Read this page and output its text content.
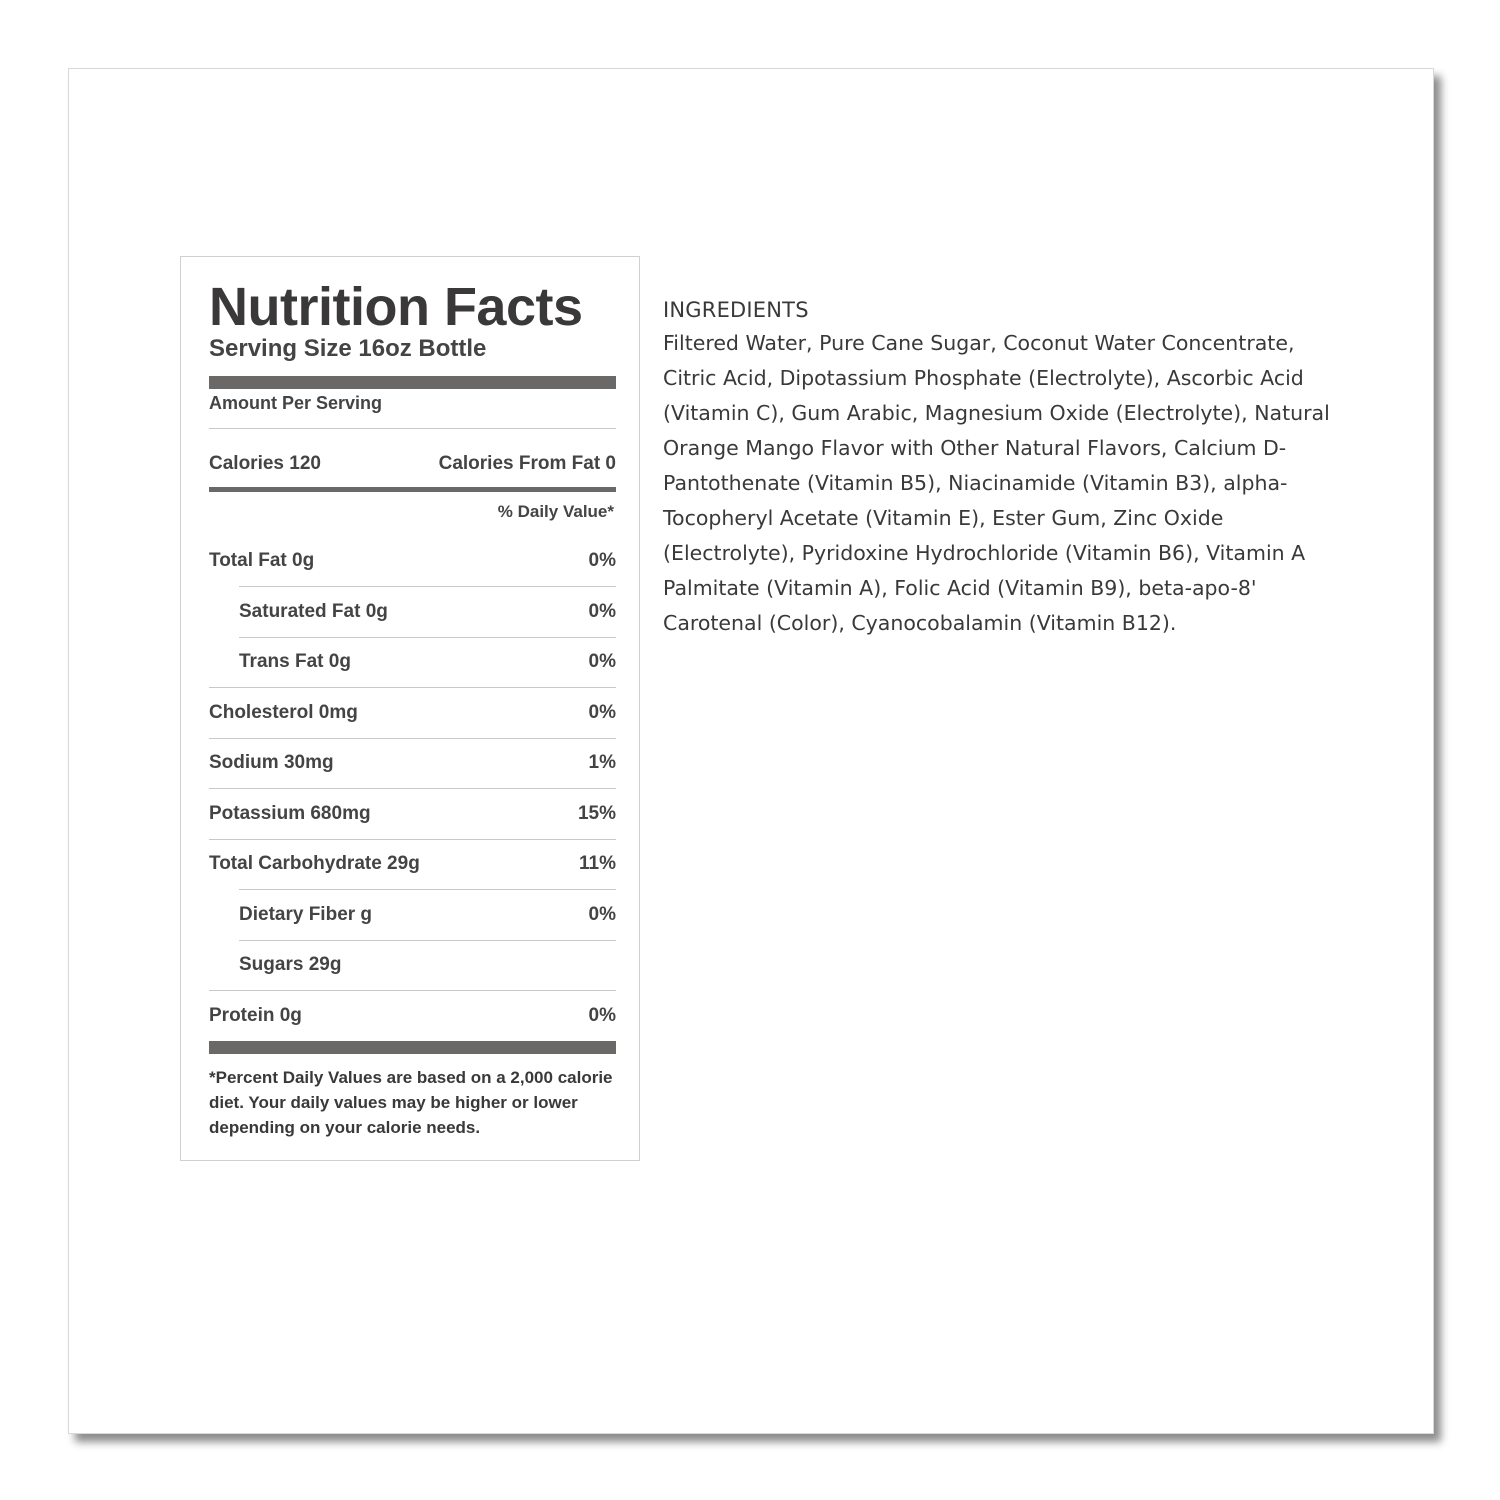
Nutrition Facts
Serving Size 16oz Bottle
Amount Per Serving
Calories 120	Calories From Fat 0
% Daily Value*
*Percent Daily Values are based on a 2,000 calorie diet. Your daily values may be higher or lower depending on your calorie needs.
Total Fat 0g	0%
Saturated Fat 0g	0%
Trans Fat 0g	0%
Cholesterol 0mg	0%
Sodium 30mg	1%
Potassium 680mg	15%
Total Carbohydrate 29g	11%
Dietary Fiber g	0%
Sugars 29g
Protein 0g	0%
INGREDIENTS
Filtered Water, Pure Cane Sugar, Coconut Water Concentrate, Citric Acid, Dipotassium Phosphate (Electrolyte), Ascorbic Acid (Vitamin C), Gum Arabic, Magnesium Oxide (Electrolyte), Natural Orange Mango Flavor with Other Natural Flavors, Calcium D-Pantothenate (Vitamin B5), Niacinamide (Vitamin B3), alpha-Tocopheryl Acetate (Vitamin E), Ester Gum, Zinc Oxide (Electrolyte), Pyridoxine Hydrochloride (Vitamin B6), Vitamin A Palmitate (Vitamin A), Folic Acid (Vitamin B9), beta-apo-8' Carotenal (Color), Cyanocobalamin (Vitamin B12).
